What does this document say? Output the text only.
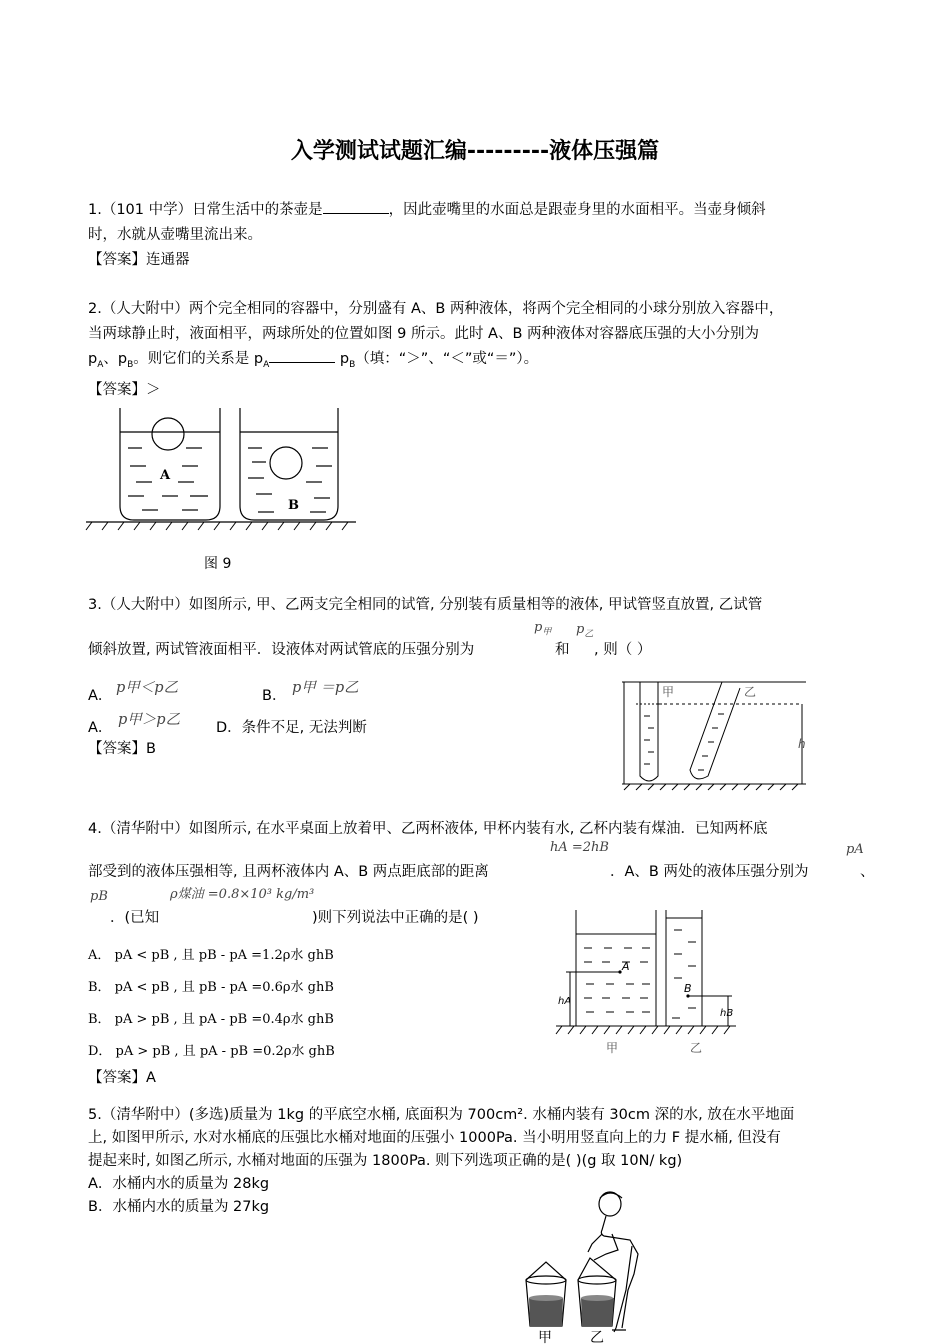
入学测试试题汇编---------液体压强篇
1.（101 中学）日常生活中的茶壶是	，因此壶嘴里的水面总是跟壶身里的水面相平。当壶身倾斜
时，水就从壶嘴里流出来。
【答案】连通器
2.（人大附中）两个完全相同的容器中，分别盛有 A、B 两种液体，将两个完全相同的小球分别放入容器中，
当两球静止时，液面相平，两球所处的位置如图 9 所示。此时 A、B 两种液体对容器底压强的大小分别为
$p_A$、$p_B$。则它们的关系是 $p_A$	$p_B$（填：“＞”、“＜”或“＝”）。
【答案】＞
A
B
图 9
3.（人大附中）如图所示, 甲、乙两支完全相同的试管, 分别装有质量相等的液体, 甲试管竖直放置, 乙试管
$p_甲$ $p_乙$
倾斜放置, 两试管液面相平．设液体对两试管底的压强分别为	和 , 则（ ）
A． p甲＜p乙	B． p甲 ＝p乙
A． p甲＞p乙 D．条件不足, 无法判断
【答案】B
甲	乙
h
4.（清华附中）如图所示, 在水平桌面上放着甲、乙两杯液体, 甲杯内装有水, 乙杯内装有煤油．已知两杯底
hA =2hB	pA
部受到的液体压强相等, 且两杯液体内 A、B 两点距底部的距离	．A、B 两处的液体压强分别为	、
pB	ρ煤油 =0.8×10³ kg/m³
．(已知	)则下列说法中正确的是( )
A． pA < pB , 且 pB - pA =1.2ρ水 ghB
B． pA < pB , 且 pB - pA =0.6ρ水 ghB
B． pA > pB , 且 pA - pB =0.4ρ水 ghB
D． pA > pB , 且 pA - pB =0.2ρ水 ghB
【答案】A
A
B
hA
hB
甲	乙
5.（清华附中）(多选)质量为 1kg 的平底空水桶, 底面积为 700cm². 水桶内装有 30cm 深的水, 放在水平地面
上, 如图甲所示, 水对水桶底的压强比水桶对地面的压强小 1000Pa. 当小明用竖直向上的力 F 提水桶, 但没有
提起来时, 如图乙所示, 水桶对地面的压强为 1800Pa. 则下列选项正确的是( )(g 取 10N/ kg)
A．水桶内水的质量为 28kg
B．水桶内水的质量为 27kg
甲	乙
